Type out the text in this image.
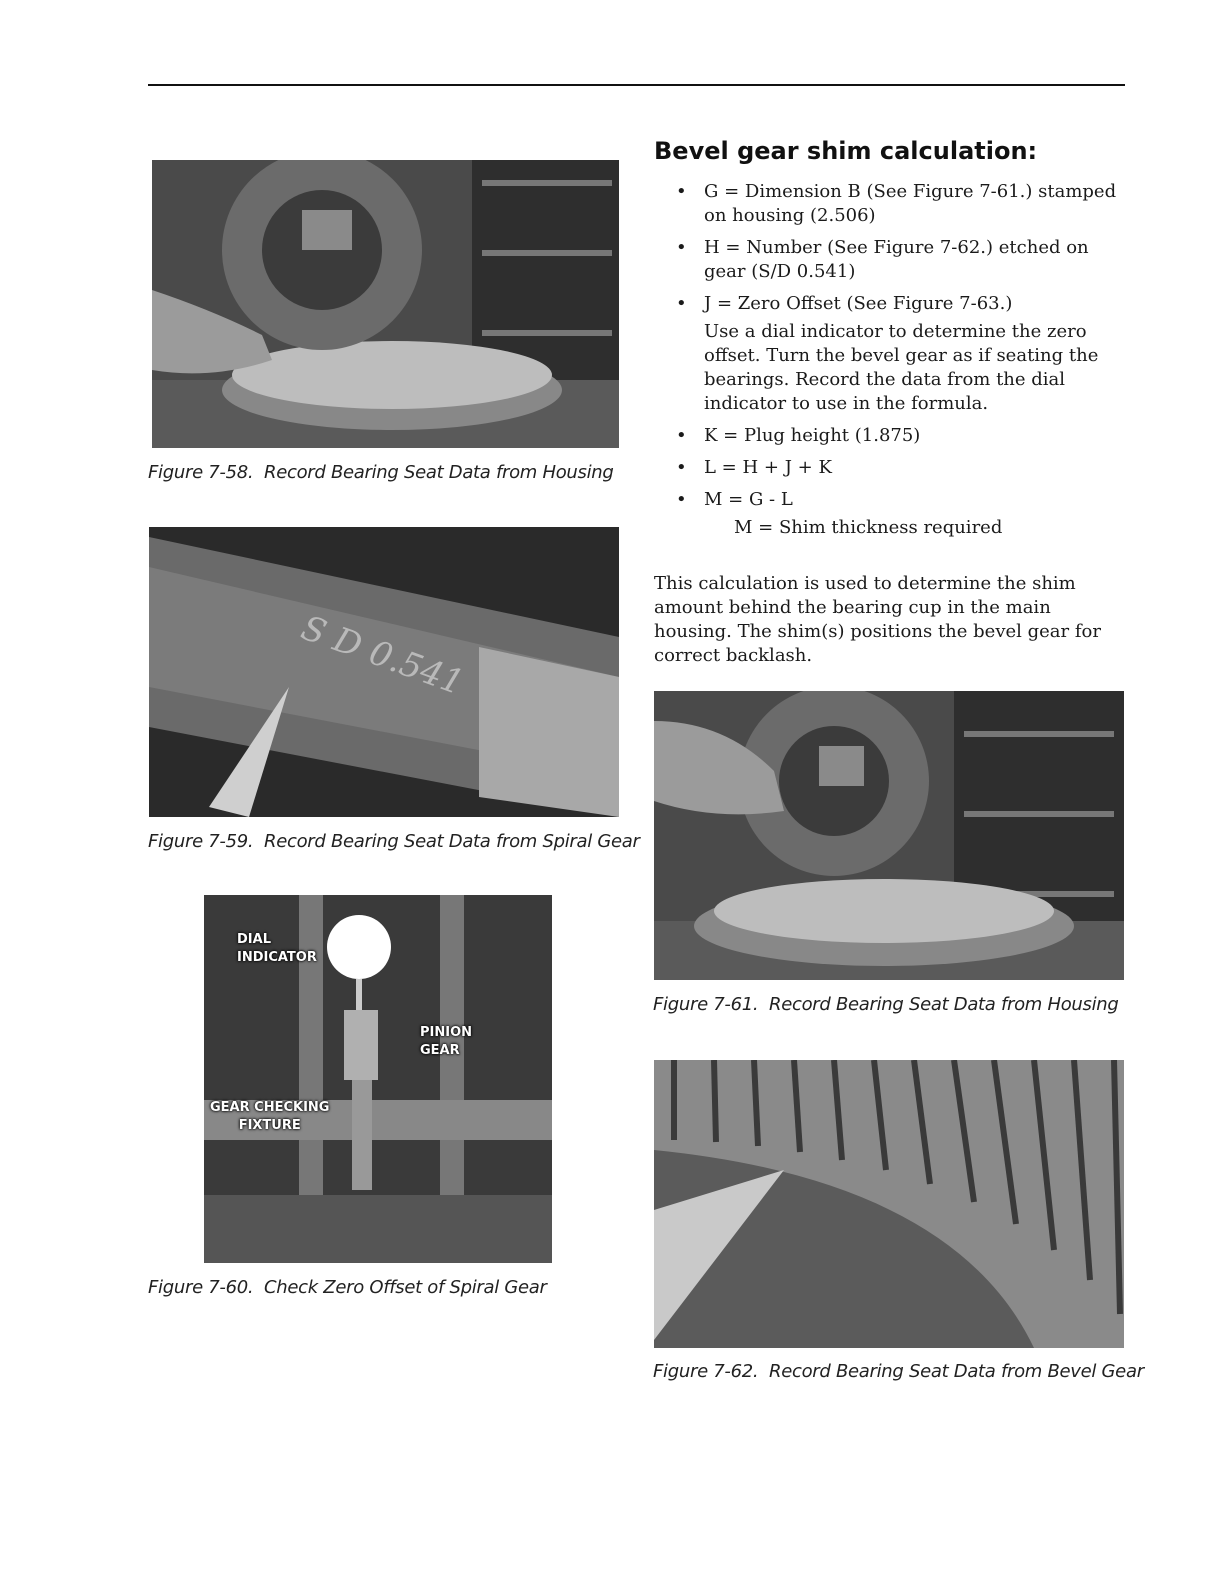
Figure 7-58. Record Bearing Seat Data from Housing
S D 0.541
Figure 7-59. Record Bearing Seat Data from Spiral Gear
DIAL
INDICATOR
PINION
GEAR
GEAR CHECKING
FIXTURE
Figure 7-60. Check Zero Offset of Spiral Gear
Bevel gear shim calculation:
• G = Dimension B (See Figure 7-61.) stamped on housing (2.506)
• H = Number (See Figure 7-62.) etched on gear (S/D 0.541)
• J = Zero Offset (See Figure 7-63.)
Use a dial indicator to determine the zero offset. Turn the bevel gear as if seating the bearings. Record the data from the dial indicator to use in the formula.
• K = Plug height (1.875)
• L = H + J + K
• M = G - L
M = Shim thickness required
This calculation is used to determine the shim amount behind the bearing cup in the main housing. The shim(s) positions the bevel gear for correct backlash.
Figure 7-61. Record Bearing Seat Data from Housing
Figure 7-62. Record Bearing Seat Data from Bevel Gear
